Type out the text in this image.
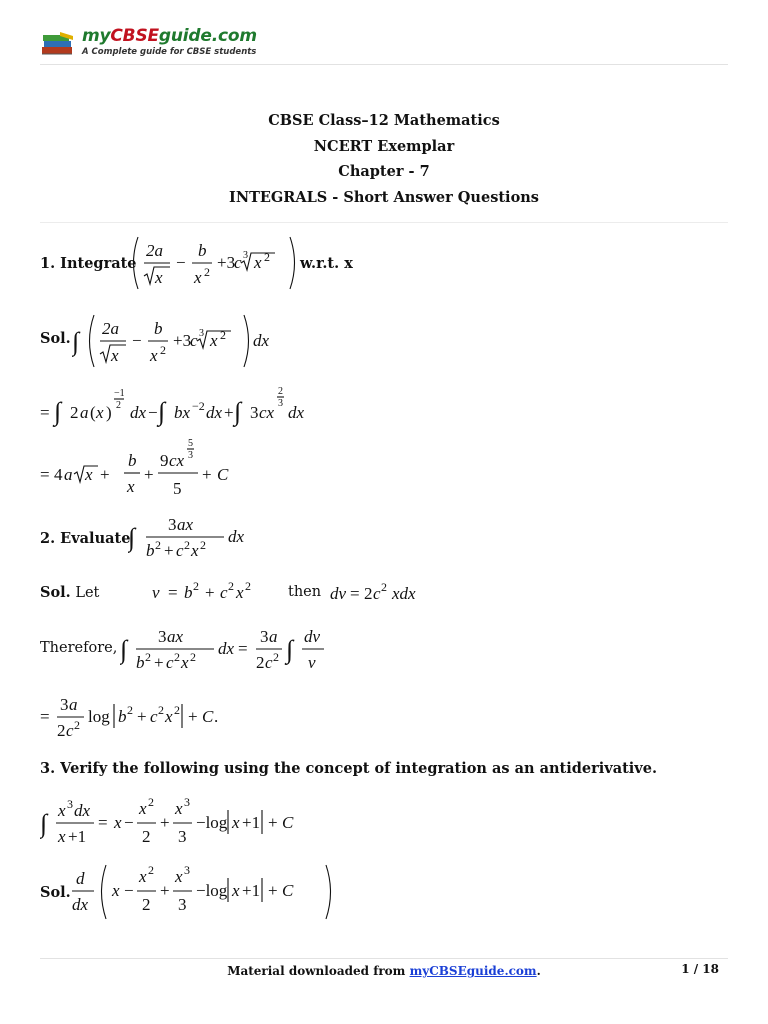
myCBSEguide.com
A Complete guide for CBSE students
CBSE Class–12 Mathematics
NCERT Exemplar
Chapter - 7
INTEGRALS - Short Answer Questions
1. Integrate
2a
x
−
b
x 2 +3
c 3 x 2 w.r.t. x
Sol. ∫ 2a
x
−
b
x 2 +3
c 3 x 2 dx
= ∫ 2 a ( x )
−1
2 dx − ∫ bx −2 dx + ∫ 3 cx
2
3 dx
= 4 a x +
b
x
+
9 cx
5
3
5
+ C
2. Evaluate
∫ 3 ax
b 2 + c 2 x 2 dx
Sol. Let	v = b 2 + c 2 x 2	then dv = 2 c 2 xdx
Therefore, ∫ 3 ax
b 2 + c 2 x 2 dx =
3 a
2 c 2 ∫ dv
v
=
3 a
2 c 2 log b 2 + c 2 x 2 + C .
3. Verify the following using the concept of integration as an antiderivative.
∫ x 3 dx
x +1
= x −
x 2
2
+
x 3
3
−log x +1 + C
Sol.
d
dx
x −
x 2
2
+
x 3
3
−log x +1 + C
Material downloaded from myCBSEguide.com.	1 / 18
